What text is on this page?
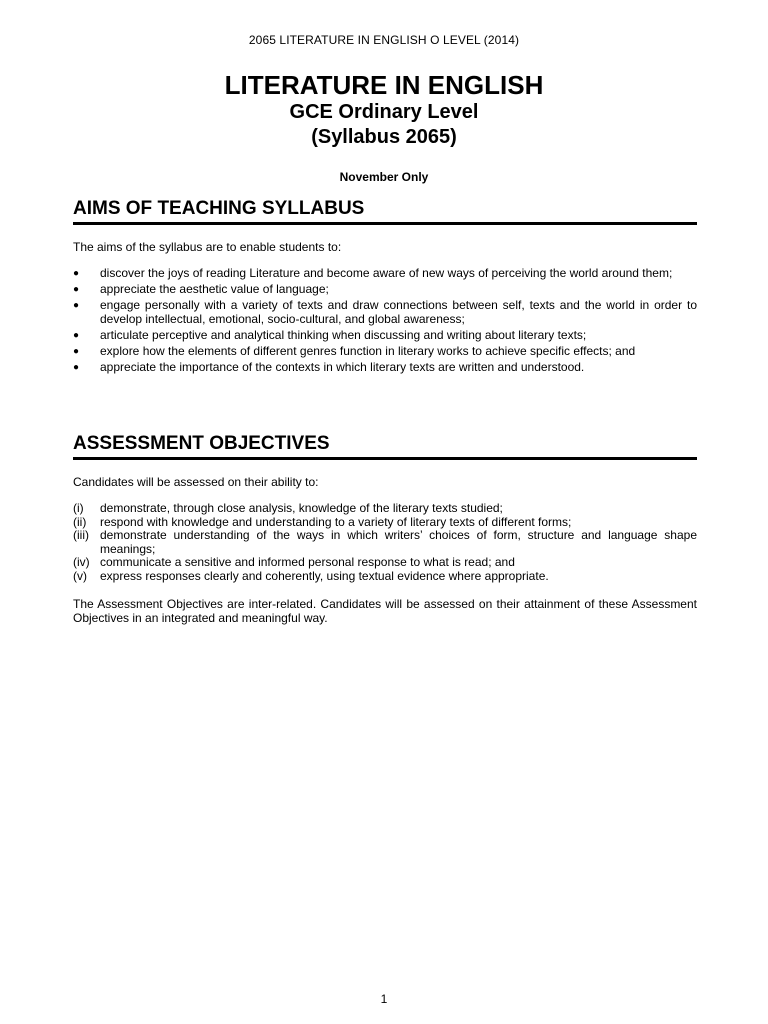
2065 LITERATURE IN ENGLISH O LEVEL (2014)
LITERATURE IN ENGLISH
GCE Ordinary Level
(Syllabus 2065)
November Only
AIMS OF TEACHING SYLLABUS

The aims of the syllabus are to enable students to:

● discover the joys of reading Literature and become aware of new ways of perceiving the world around them;
● appreciate the aesthetic value of language;
● engage personally with a variety of texts and draw connections between self, texts and the world in order to develop intellectual, emotional, socio-cultural, and global awareness;
● articulate perceptive and analytical thinking when discussing and writing about literary texts;
● explore how the elements of different genres function in literary works to achieve specific effects; and
● appreciate the importance of the contexts in which literary texts are written and understood.
ASSESSMENT OBJECTIVES

Candidates will be assessed on their ability to:

(i) demonstrate, through close analysis, knowledge of the literary texts studied;
(ii) respond with knowledge and understanding to a variety of literary texts of different forms;
(iii) demonstrate understanding of the ways in which writers’ choices of form, structure and language shape meanings;
(iv) communicate a sensitive and informed personal response to what is read; and
(v) express responses clearly and coherently, using textual evidence where appropriate.

The Assessment Objectives are inter-related. Candidates will be assessed on their attainment of these Assessment Objectives in an integrated and meaningful way.

1
